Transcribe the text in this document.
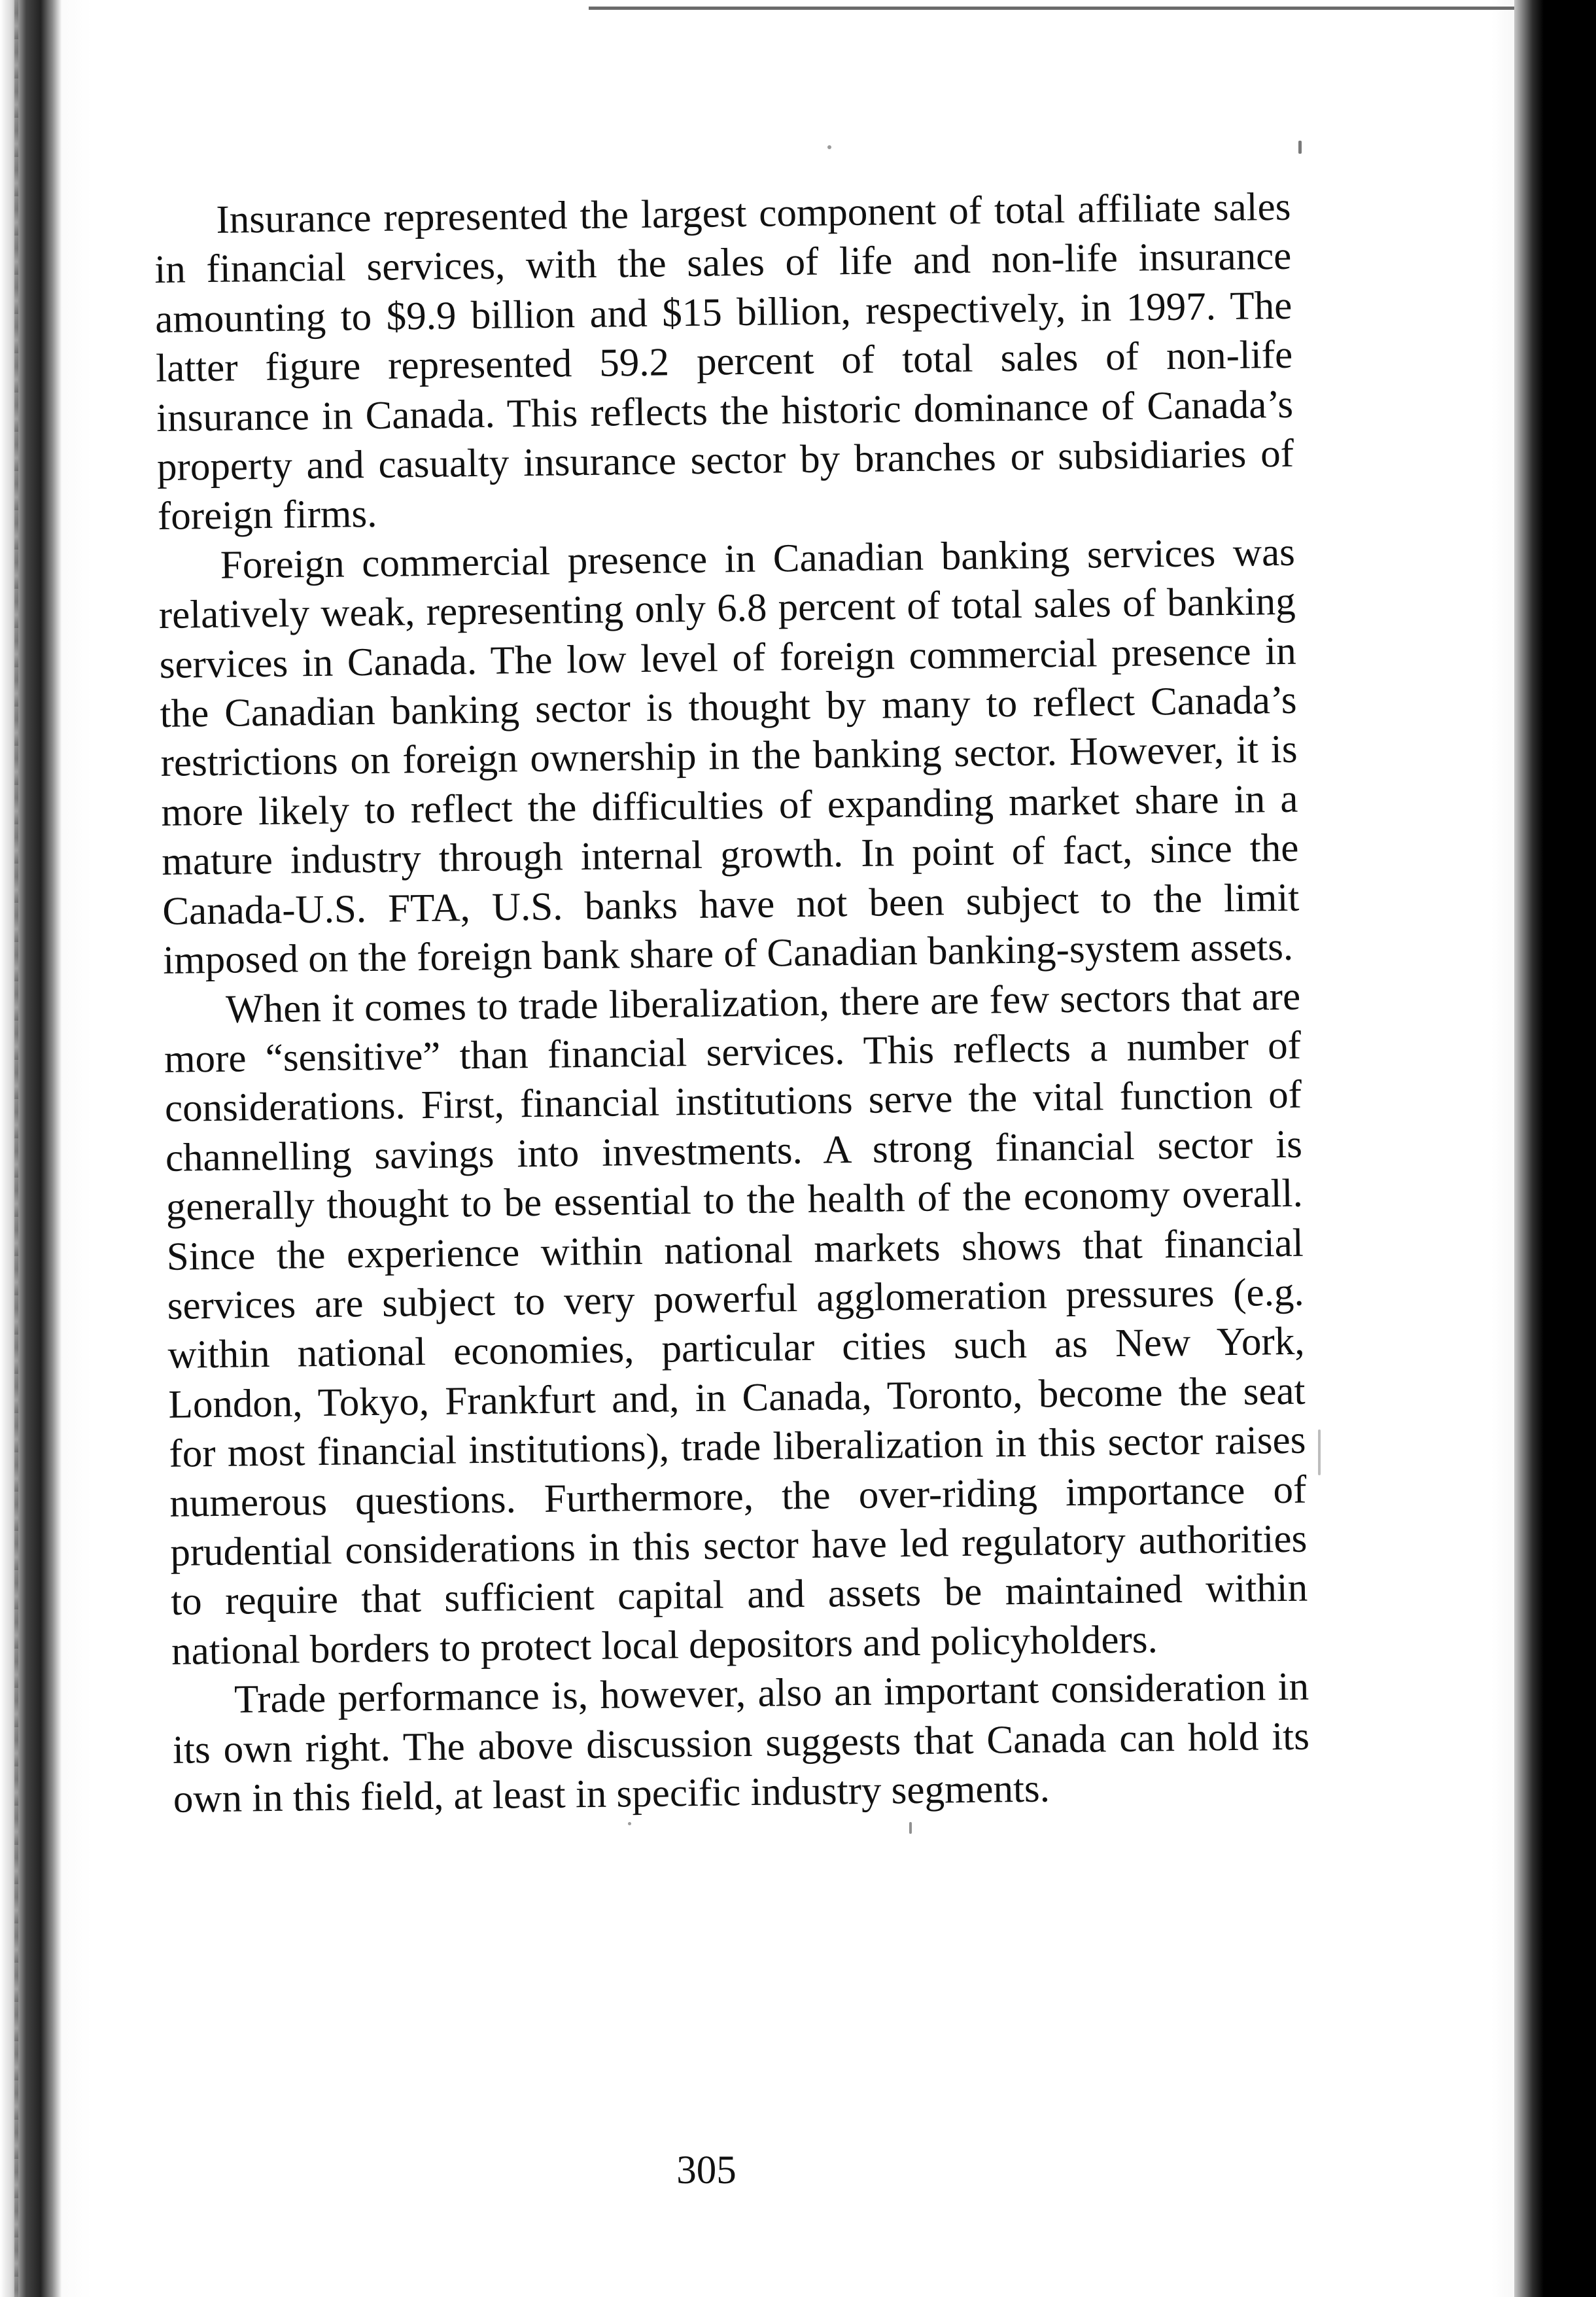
Insurance represented the largest component of total affiliate sales in financial services, with the sales of life and non-life insurance amounting to $9.9 billion and $15 billion, respectively, in 1997. The latter figure represented 59.2 percent of total sales of non-life insurance in Canada. This reflects the historic dominance of Canada’s property and casualty insurance sector by branches or subsidiaries of foreign firms.

Foreign commercial presence in Canadian banking services was relatively weak, representing only 6.8 percent of total sales of banking services in Canada. The low level of foreign commercial presence in the Canadian banking sector is thought by many to reflect Canada’s restrictions on foreign ownership in the banking sector. However, it is more likely to reflect the difficulties of expanding market share in a mature industry through internal growth. In point of fact, since the Canada-U.S. FTA, U.S. banks have not been subject to the limit imposed on the foreign bank share of Canadian banking-system assets.

When it comes to trade liberalization, there are few sectors that are more “sensitive” than financial services. This reflects a number of considerations. First, financial institutions serve the vital function of channelling savings into investments. A strong financial sector is generally thought to be essential to the health of the economy overall. Since the experience within national markets shows that financial services are subject to very powerful agglomeration pressures (e.g. within national economies, particular cities such as New York, London, Tokyo, Frankfurt and, in Canada, Toronto, become the seat for most financial institutions), trade liberalization in this sector raises numerous questions. Furthermore, the over-riding importance of prudential considerations in this sector have led regulatory authorities to require that sufficient capital and assets be maintained within national borders to protect local depositors and policyholders.

Trade performance is, however, also an important consideration in its own right. The above discussion suggests that Canada can hold its own in this field, at least in specific industry segments.

305
